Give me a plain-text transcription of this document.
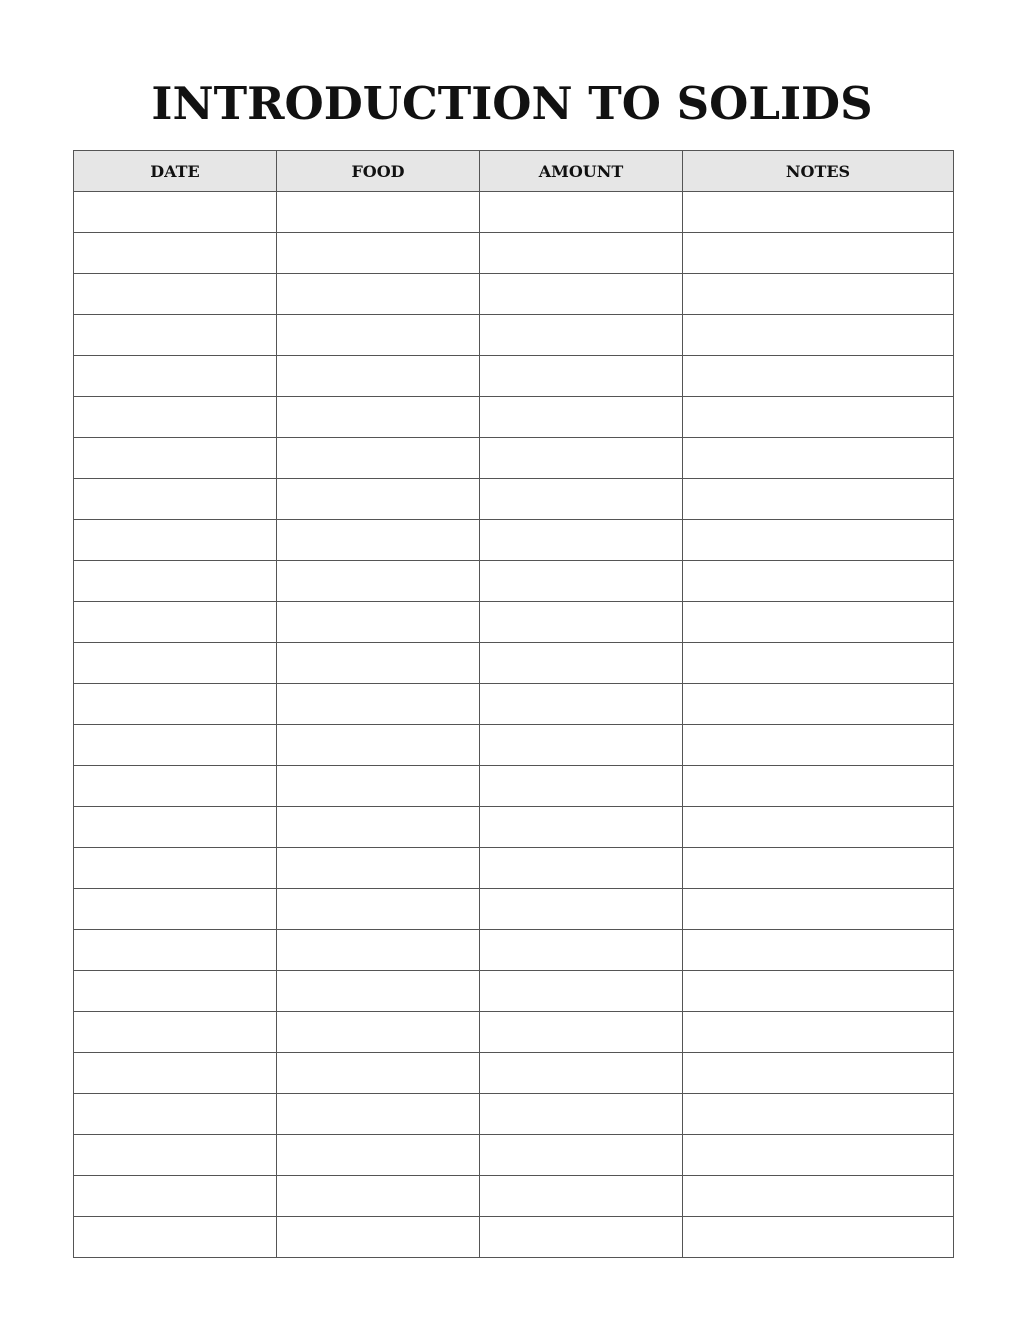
INTRODUCTION TO SOLIDS
DATE	FOOD	AMOUNT	NOTES
